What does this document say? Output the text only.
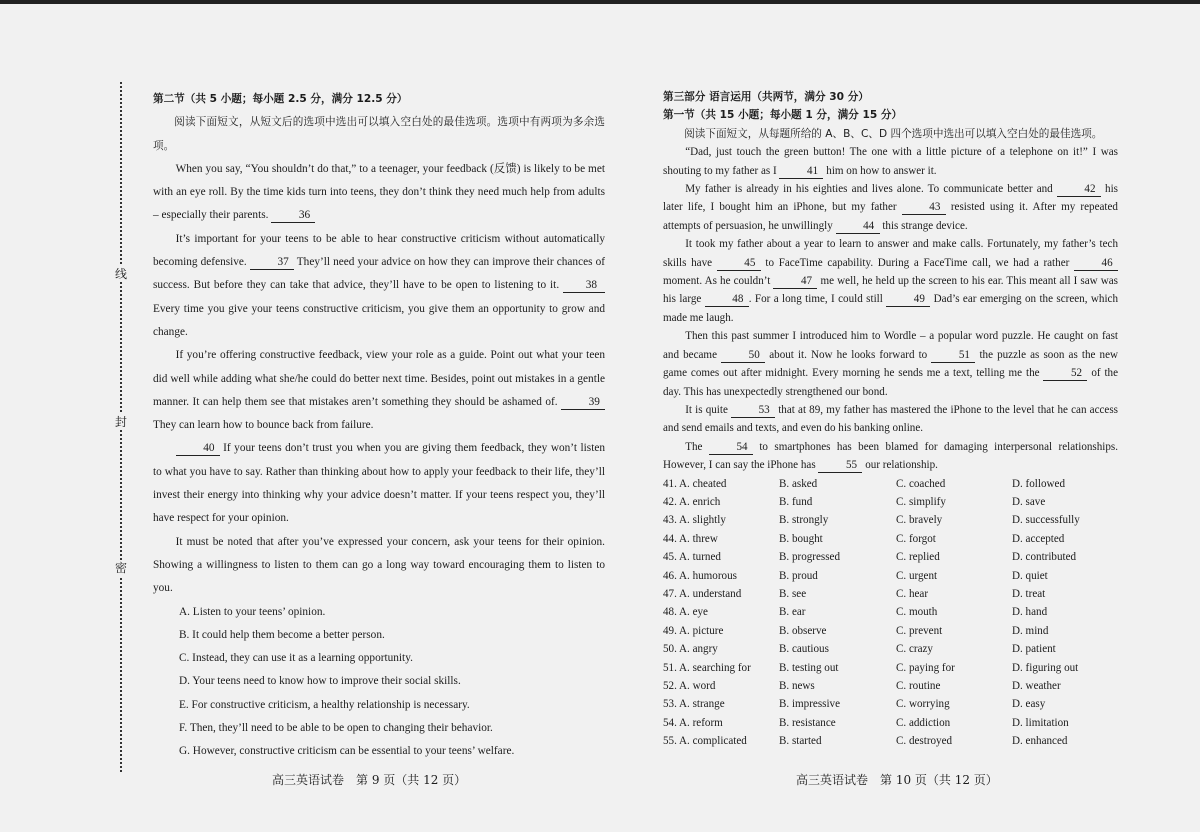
线
封
密

第二节（共 5 小题；每小题 2.5 分，满分 12.5 分）

阅读下面短文，从短文后的选项中选出可以填入空白处的最佳选项。选项中有两项为多余选项。

When you say, “You shouldn’t do that,” to a teenager, your feedback (反馈) is likely to be met with an eye roll. By the time kids turn into teens, they don’t think they need much help from adults – especially their parents.	36

It’s important for your teens to be able to hear constructive criticism without automatically becoming defensive.	37 They’ll need your advice on how they can improve their chances of success. But before they can take that advice, they’ll have to be open to listening to it. 38 Every time you give your teens constructive criticism, you give them an opportunity to grow and change.

If you’re offering constructive feedback, view your role as a guide. Point out what your teen did well while adding what she/he could do better next time. Besides, point out mistakes in a gentle manner. It can help them see that mistakes aren’t something they should be ashamed of.	39 They can learn how to bounce back from failure.

40 If your teens don’t trust you when you are giving them feedback, they won’t listen to what you have to say. Rather than thinking about how to apply your feedback to their life, they’ll invest their energy into thinking why your advice doesn’t matter. If your teens respect you, they’ll have respect for your opinion.

It must be noted that after you’ve expressed your concern, ask your teens for their opinion. Showing a willingness to listen to them can go a long way toward encouraging them to listen to you.

A. Listen to your teens’ opinion.

B. It could help them become a better person.

C. Instead, they can use it as a learning opportunity.

D. Your teens need to know how to improve their social skills.

E. For constructive criticism, a healthy relationship is necessary.

F. Then, they’ll need to be able to be open to changing their behavior.

G. However, constructive criticism can be essential to your teens’ welfare.

高三英语试卷　第 9 页（共 12 页）

第三部分 语言运用（共两节，满分 30 分）

第一节（共 15 小题；每小题 1 分，满分 15 分）

阅读下面短文，从每题所给的 A、B、C、D 四个选项中选出可以填入空白处的最佳选项。

“Dad, just touch the green button! The one with a little picture of a telephone on it!” I was shouting to my father as I	41 him on how to answer it.

My father is already in his eighties and lives alone. To communicate better and	42 his later life, I bought him an iPhone, but my father	43 resisted using it. After my repeated attempts of persuasion, he unwillingly	44 this strange device.

It took my father about a year to learn to answer and make calls. Fortunately, my father’s tech skills have	45 to FaceTime capability. During a FaceTime call, we had a rather	46 moment. As he couldn’t	47 me well, he held up the screen to his ear. This meant all I saw was his large	48 . For a long time, I could still	49 Dad’s ear emerging on the screen, which made me laugh.

Then this past summer I introduced him to Wordle – a popular word puzzle. He caught on fast and became	50 about it. Now he looks forward to	51 the puzzle as soon as the new game comes out after midnight. Every morning he sends me a text, telling me the	52 of the day. This has unexpectedly strengthened our bond.

It is quite	53 that at 89, my father has mastered the iPhone to the level that he can access and send emails and texts, and even do his banking online.

The	54 to smartphones has been blamed for damaging interpersonal relationships. However, I can say the iPhone has	55 our relationship.

41. A. cheated	B. asked	C. coached	D. followed
42. A. enrich	B. fund	C. simplify	D. save
43. A. slightly	B. strongly	C. bravely	D. successfully
44. A. threw	B. bought	C. forgot	D. accepted
45. A. turned	B. progressed	C. replied	D. contributed
46. A. humorous	B. proud	C. urgent	D. quiet
47. A. understand	B. see	C. hear	D. treat
48. A. eye	B. ear	C. mouth	D. hand
49. A. picture	B. observe	C. prevent	D. mind
50. A. angry	B. cautious	C. crazy	D. patient
51. A. searching for	B. testing out	C. paying for	D. figuring out
52. A. word	B. news	C. routine	D. weather
53. A. strange	B. impressive	C. worrying	D. easy
54. A. reform	B. resistance	C. addiction	D. limitation
55. A. complicated	B. started	C. destroyed	D. enhanced
高三英语试卷　第 10 页（共 12 页）
